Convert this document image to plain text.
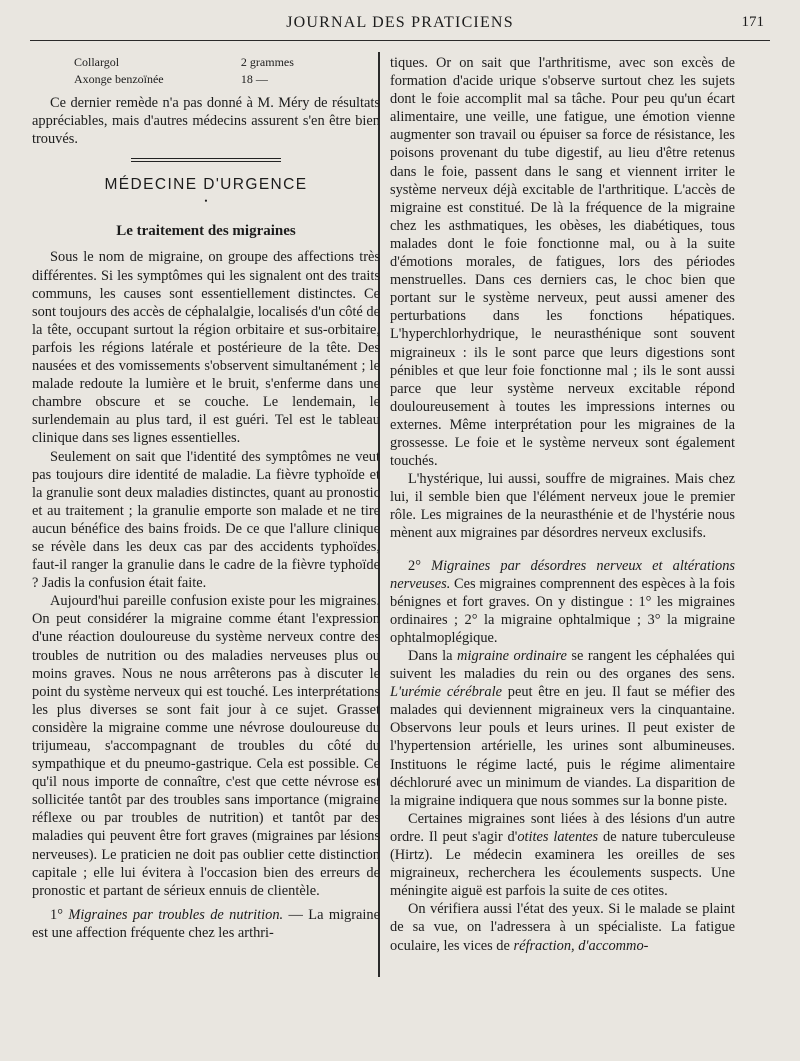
JOURNAL DES PRATICIENS	171
Collargol	2 grammes
Axonge benzoïnée	18 —

Ce dernier remède n'a pas donné à M. Méry de résultats appréciables, mais d'autres médecins assurent s'en être bien trouvés.

MÉDECINE D'URGENCE
•
Le traitement des migraines

Sous le nom de migraine, on groupe des affections très différentes. Si les symptômes qui les signalent ont des traits communs, les causes sont essentiellement distinctes. Ce sont toujours des accès de céphalalgie, localisés d'un côté de la tête, occupant surtout la région orbitaire et sus-orbitaire, parfois les régions latérale et postérieure de la tête. Des nausées et des vomissements s'observent simultanément ; le malade redoute la lumière et le bruit, s'enferme dans une chambre obscure et se couche. Le lendemain, le surlendemain au plus tard, il est guéri. Tel est le tableau clinique dans ses lignes essentielles.

Seulement on sait que l'identité des symptômes ne veut pas toujours dire identité de maladie. La fièvre typhoïde et la granulie sont deux maladies distinctes, quant au pronostic et au traitement ; la granulie emporte son malade et ne tire aucun bénéfice des bains froids. De ce que l'allure clinique se révèle dans les deux cas par des accidents typhoïdes, faut-il ranger la granulie dans le cadre de la fièvre typhoïde ? Jadis la confusion était faite.

Aujourd'hui pareille confusion existe pour les migraines. On peut considérer la migraine comme étant l'expression d'une réaction douloureuse du système nerveux contre des troubles de nutrition ou des maladies nerveuses plus ou moins graves. Nous ne nous arrêterons pas à discuter le point du système nerveux qui est touché. Les interprétations les plus diverses se sont fait jour à ce sujet. Grasset considère la migraine comme une névrose douloureuse du trijumeau, s'accompagnant de troubles du côté du sympathique et du pneumo-gastrique. Cela est possible. Ce qu'il nous importe de connaître, c'est que cette névrose est sollicitée tantôt par des troubles sans importance (migraine réflexe ou par troubles de nutrition) et tantôt par des maladies qui peuvent être fort graves (migraines par lésions nerveuses). Le praticien ne doit pas oublier cette distinction capitale ; elle lui évitera à l'occasion bien des erreurs de pronostic et partant de sérieux ennuis de clientèle.

1° Migraines par troubles de nutrition. — La migraine est une affection fréquente chez les arthri-

tiques. Or on sait que l'arthritisme, avec son excès de formation d'acide urique s'observe surtout chez les sujets dont le foie accomplit mal sa tâche. Pour peu qu'un écart alimentaire, une veille, une fatigue, une émotion vienne augmenter son travail ou épuiser sa force de résistance, les poisons provenant du tube digestif, au lieu d'être retenus dans le foie, passent dans le sang et viennent irriter le système nerveux déjà excitable de l'arthritique. L'accès de migraine est constitué. De là la fréquence de la migraine chez les asthmatiques, les obèses, les diabétiques, tous malades dont le foie fonctionne mal, ou à la suite d'émotions morales, de fatigues, lors des périodes menstruelles. Dans ces derniers cas, le choc bien que portant sur le système nerveux, peut aussi amener des perturbations dans les fonctions hépatiques. L'hyperchlorhydrique, le neurasthénique sont souvent migraineux : ils le sont parce que leurs digestions sont pénibles et que leur foie fonctionne mal ; ils le sont aussi parce que leur système nerveux excitable répond douloureusement à toutes les impressions internes ou externes. Même interprétation pour les migraines de la grossesse. Le foie et le système nerveux sont également touchés.

L'hystérique, lui aussi, souffre de migraines. Mais chez lui, il semble bien que l'élément nerveux joue le premier rôle. Les migraines de la neurasthénie et de l'hystérie nous mènent aux migraines par désordres nerveux exclusifs.

2° Migraines par désordres nerveux et altérations nerveuses. Ces migraines comprennent des espèces à la fois bénignes et fort graves. On y distingue : 1° les migraines ordinaires ; 2° la migraine ophtalmique ; 3° la migraine ophtalmoplégique.

Dans la migraine ordinaire se rangent les céphalées qui suivent les maladies du rein ou des organes des sens. L'urémie cérébrale peut être en jeu. Il faut se méfier des malades qui deviennent migraineux vers la cinquantaine. Observons leur pouls et leurs urines. Il peut exister de l'hypertension artérielle, les urines sont albumineuses. Instituons le régime lacté, puis le régime alimentaire déchloruré avec un minimum de viandes. La disparition de la migraine indiquera que nous sommes sur la bonne piste.

Certaines migraines sont liées à des lésions d'un autre ordre. Il peut s'agir d'otites latentes de nature tuberculeuse (Hirtz). Le médecin examinera les oreilles de ses migraineux, recherchera les écoulements suspects. Une méningite aiguë est parfois la suite de ces otites.

On vérifiera aussi l'état des yeux. Si le malade se plaint de sa vue, on l'adressera à un spécialiste. La fatigue oculaire, les vices de réfraction, d'accommo-
